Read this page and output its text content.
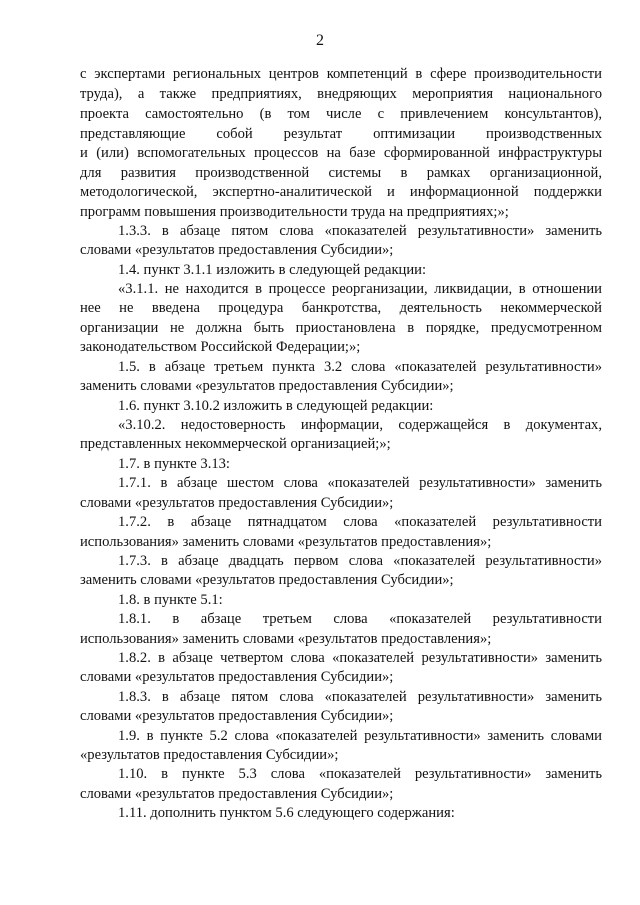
2
с экспертами региональных центров компетенций в сфере производительности
труда), а также предприятиях, внедряющих мероприятия национального
проекта самостоятельно (в том числе с привлечением консультантов),
представляющие собой результат оптимизации производственных
и (или) вспомогательных процессов на базе сформированной инфраструктуры
для развития производственной системы в рамках организационной,
методологической, экспертно-аналитической и информационной поддержки
программ повышения производительности труда на предприятиях;»;
1.3.3. в абзаце пятом слова «показателей результативности» заменить
словами «результатов предоставления Субсидии»;
1.4. пункт 3.1.1 изложить в следующей редакции:
«3.1.1. не находится в процессе реорганизации, ликвидации, в отношении
нее не введена процедура банкротства, деятельность некоммерческой
организации не должна быть приостановлена в порядке, предусмотренном
законодательством Российской Федерации;»;
1.5. в абзаце третьем пункта 3.2 слова «показателей результативности»
заменить словами «результатов предоставления Субсидии»;
1.6. пункт 3.10.2 изложить в следующей редакции:
«3.10.2. недостоверность информации, содержащейся в документах,
представленных некоммерческой организацией;»;
1.7. в пункте 3.13:
1.7.1. в абзаце шестом слова «показателей результативности» заменить
словами «результатов предоставления Субсидии»;
1.7.2. в абзаце пятнадцатом слова «показателей результативности
использования» заменить словами «результатов предоставления»;
1.7.3. в абзаце двадцать первом слова «показателей результативности»
заменить словами «результатов предоставления Субсидии»;
1.8. в пункте 5.1:
1.8.1. в абзаце третьем слова «показателей результативности
использования» заменить словами «результатов предоставления»;
1.8.2. в абзаце четвертом слова «показателей результативности» заменить
словами «результатов предоставления Субсидии»;
1.8.3. в абзаце пятом слова «показателей результативности» заменить
словами «результатов предоставления Субсидии»;
1.9. в пункте 5.2 слова «показателей результативности» заменить словами
«результатов предоставления Субсидии»;
1.10. в пункте 5.3 слова «показателей результативности» заменить
словами «результатов предоставления Субсидии»;
1.11. дополнить пунктом 5.6 следующего содержания:
